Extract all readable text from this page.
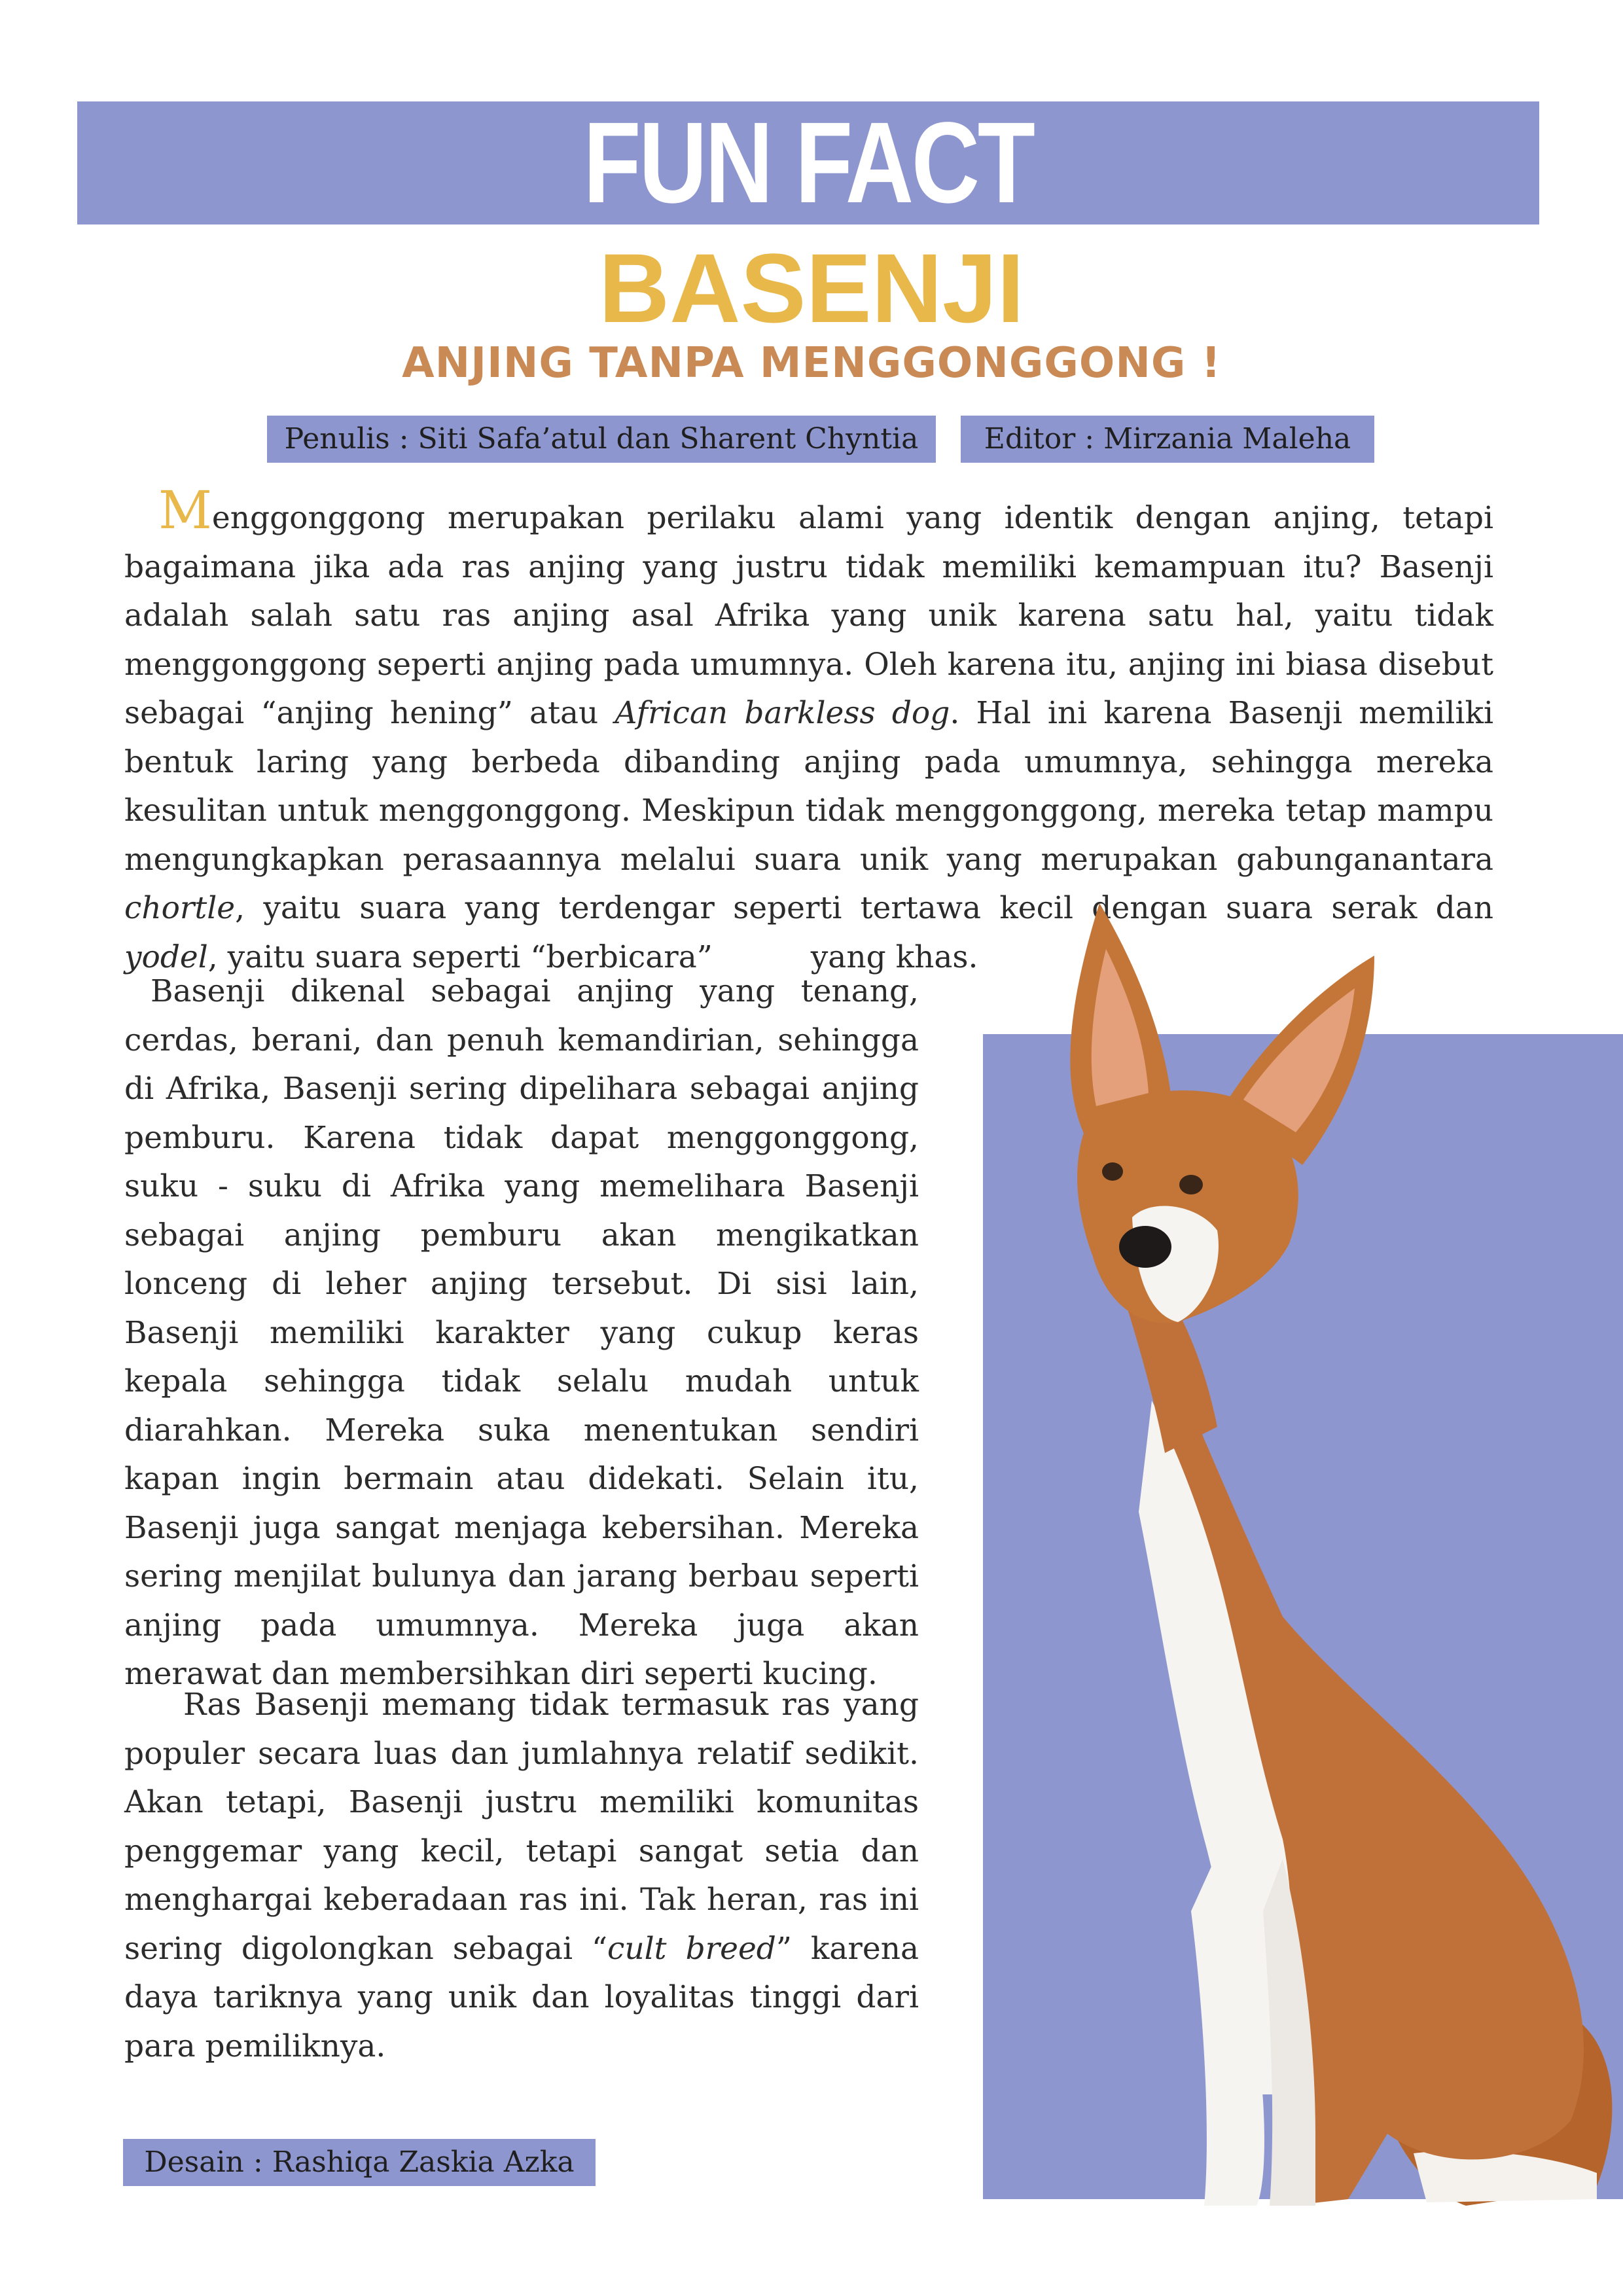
FUN FACT
BASENJI
ANJING TANPA MENGGONGGONG !
Penulis : Siti Safa’atul dan Sharent Chyntia	Editor : Mirzania Maleha
Menggonggong merupakan perilaku alami yang identik dengan anjing, tetapi bagaimana jika ada ras anjing yang justru tidak memiliki kemampuan itu? Basenji adalah salah satu ras anjing asal Afrika yang unik karena satu hal, yaitu tidak menggonggong seperti anjing pada umumnya. Oleh karena itu, anjing ini biasa disebut sebagai “anjing hening” atau African barkless dog. Hal ini karena Basenji memiliki bentuk laring yang berbeda dibanding anjing pada umumnya, sehingga mereka kesulitan untuk menggonggong. Meskipun tidak menggonggong, mereka tetap mampu mengungkapkan perasaannya melalui suara unik yang merupakan gabunganantara chortle, yaitu suara yang terdengar seperti tertawa kecil dengan suara serak dan yodel, yaitu suara seperti “berbicara”	yang khas.
Basenji dikenal sebagai anjing yang tenang, cerdas, berani, dan penuh kemandirian, sehingga di Afrika, Basenji sering dipelihara sebagai anjing pemburu. Karena tidak dapat menggonggong, suku - suku di Afrika yang memelihara Basenji sebagai anjing pemburu akan mengikatkan lonceng di leher anjing tersebut. Di sisi lain, Basenji memiliki karakter yang cukup keras kepala sehingga tidak selalu mudah untuk diarahkan. Mereka suka menentukan sendiri kapan ingin bermain atau didekati. Selain itu, Basenji juga sangat menjaga kebersihan. Mereka sering menjilat bulunya dan jarang berbau seperti anjing pada umumnya. Mereka juga akan merawat dan membersihkan diri seperti kucing.
Ras Basenji memang tidak termasuk ras yang populer secara luas dan jumlahnya relatif sedikit. Akan tetapi, Basenji justru memiliki komunitas penggemar yang kecil, tetapi sangat setia dan menghargai keberadaan ras ini. Tak heran, ras ini sering digolongkan sebagai “cult breed” karena daya tariknya yang unik dan loyalitas tinggi dari para pemiliknya.
Desain : Rashiqa Zaskia Azka
